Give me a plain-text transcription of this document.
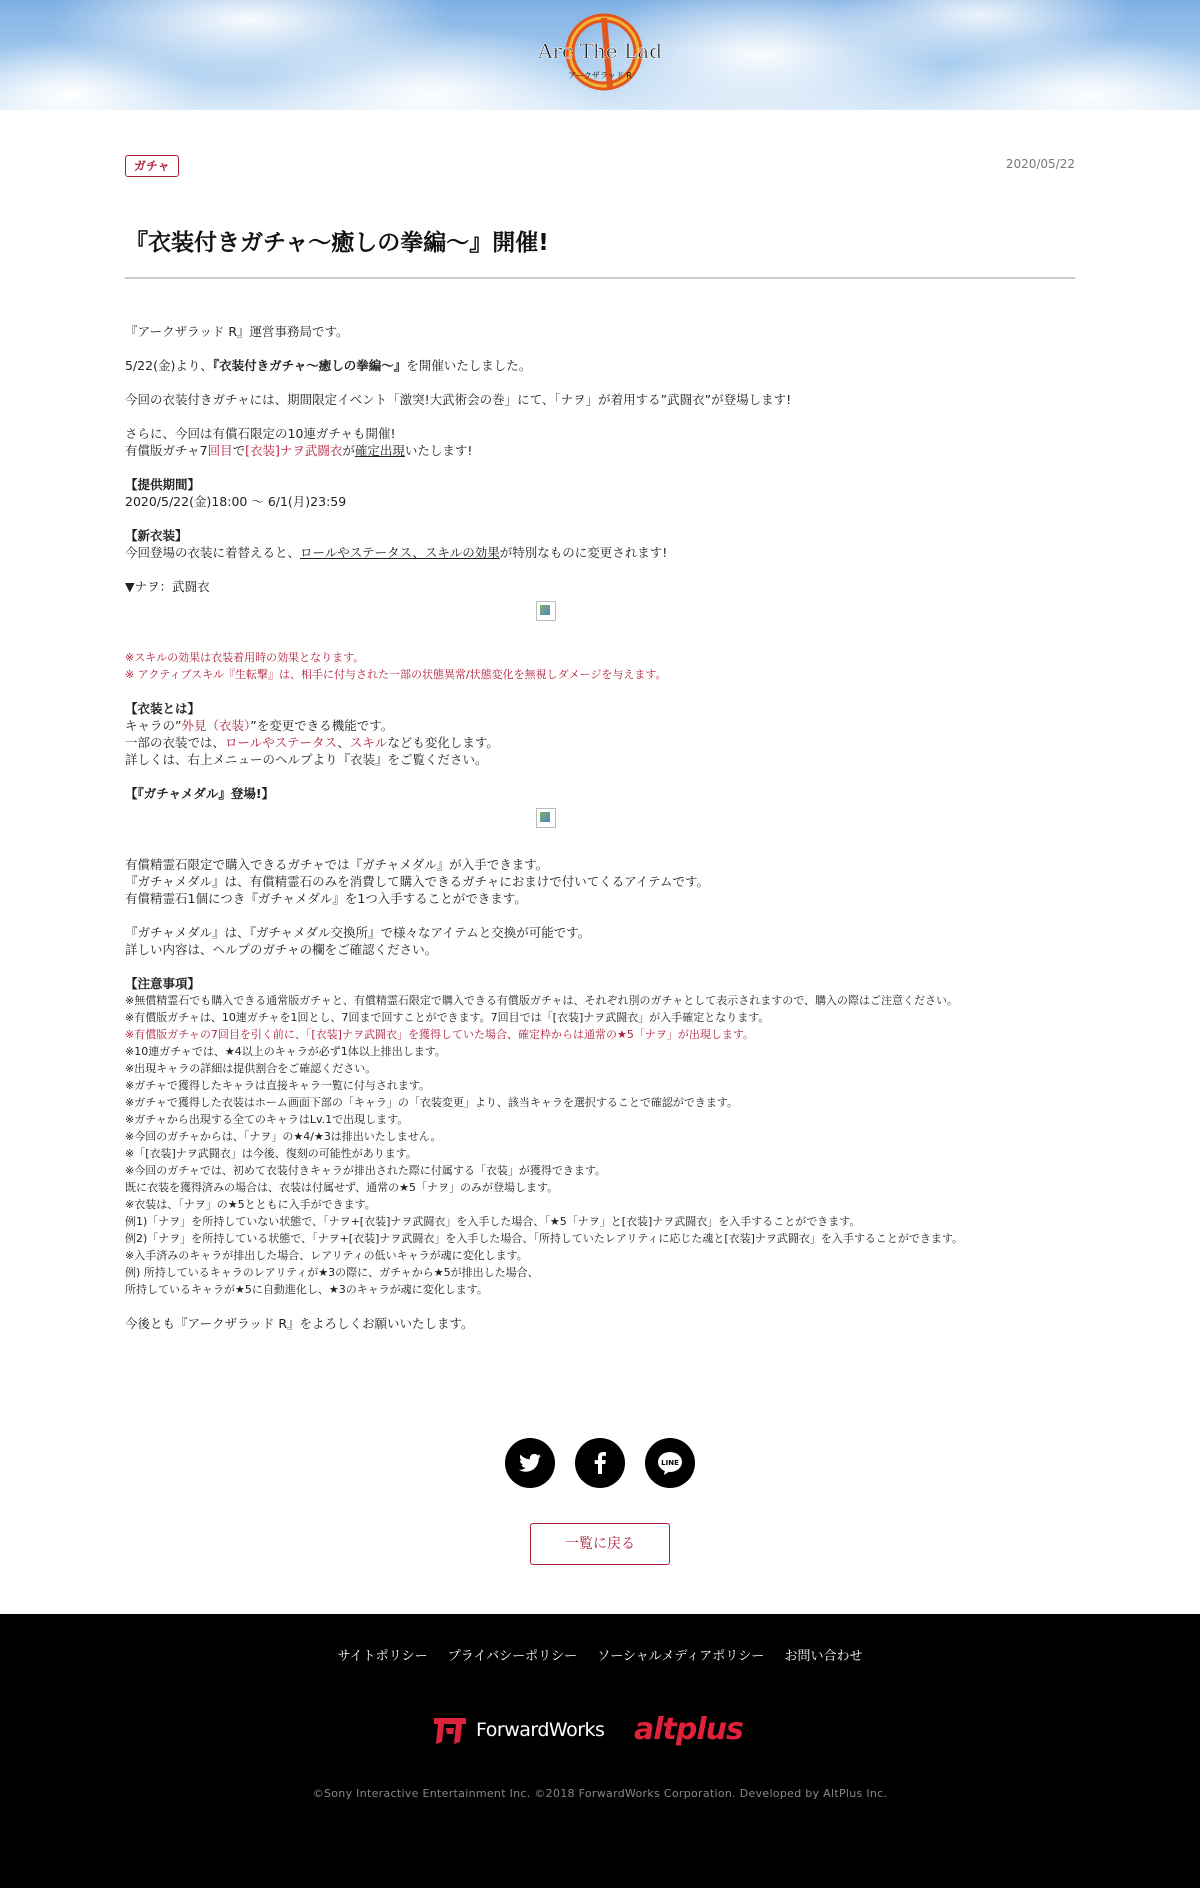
Arc The Lad
アークザラッド R
ガチャ	2020/05/22
『衣装付きガチャ～癒しの拳編～』開催!

『アークザラッド R』運営事務局です。

5/22(金)より、『衣装付きガチャ～癒しの拳編～』を開催いたしました。

今回の衣装付きガチャには、期間限定イベント「激突!大武術会の巻」にて、「ナヲ」が着用する”武闘衣”が登場します!

さらに、今回は有償石限定の10連ガチャも開催!
有償版ガチャ7回目で[衣装]ナヲ武闘衣が確定出現いたします!

【提供期間】
2020/5/22(金)18:00 ～ 6/1(月)23:59

【新衣装】
今回登場の衣装に着替えると、ロールやステータス、スキルの効果が特別なものに変更されます!

▼ナヲ：武闘衣

※スキルの効果は衣装着用時の効果となります。

※ アクティブスキル『生転撃』は、相手に付与された一部の状態異常/状態変化を無視しダメージを与えます。

【衣装とは】
キャラの”外見（衣装）”を変更できる機能です。
一部の衣装では、ロールやステータス、スキルなども変化します。
詳しくは、右上メニューのヘルプより『衣装』をご覧ください。

【『ガチャメダル』登場!】

有償精霊石限定で購入できるガチャでは『ガチャメダル』が入手できます。
『ガチャメダル』は、有償精霊石のみを消費して購入できるガチャにおまけで付いてくるアイテムです。
有償精霊石1個につき『ガチャメダル』を1つ入手することができます。

『ガチャメダル』は、『ガチャメダル交換所』で様々なアイテムと交換が可能です。
詳しい内容は、ヘルプのガチャの欄をご確認ください。

【注意事項】
※無償精霊石でも購入できる通常版ガチャと、有償精霊石限定で購入できる有償版ガチャは、それぞれ別のガチャとして表示されますので、購入の際はご注意ください。
※有償版ガチャは、10連ガチャを1回とし、7回まで回すことができます。7回目では「[衣装]ナヲ武闘衣」が入手確定となります。
※有償版ガチャの7回目を引く前に、「[衣装]ナヲ武闘衣」を獲得していた場合、確定枠からは通常の★5「ナヲ」が出現します。
※10連ガチャでは、★4以上のキャラが必ず1体以上排出します。
※出現キャラの詳細は提供割合をご確認ください。
※ガチャで獲得したキャラは直接キャラ一覧に付与されます。
※ガチャで獲得した衣装はホーム画面下部の「キャラ」の「衣装変更」より、該当キャラを選択することで確認ができます。
※ガチャから出現する全てのキャラはLv.1で出現します。
※今回のガチャからは、「ナヲ」の★4/★3は排出いたしません。
※「[衣装]ナヲ武闘衣」は今後、復刻の可能性があります。
※今回のガチャでは、初めて衣装付きキャラが排出された際に付属する「衣装」が獲得できます。
既に衣装を獲得済みの場合は、衣装は付属せず、通常の★5「ナヲ」のみが登場します。
※衣装は、「ナヲ」の★5とともに入手ができます。
例1)「ナヲ」を所持していない状態で、「ナヲ+[衣装]ナヲ武闘衣」を入手した場合、「★5「ナヲ」と[衣装]ナヲ武闘衣」を入手することができます。
例2)「ナヲ」を所持している状態で、「ナヲ+[衣装]ナヲ武闘衣」を入手した場合、「所持していたレアリティに応じた魂と[衣装]ナヲ武闘衣」を入手することができます。
※入手済みのキャラが排出した場合、レアリティの低いキャラが魂に変化します。
例) 所持しているキャラのレアリティが★3の際に、ガチャから★5が排出した場合、
所持しているキャラが★5に自動進化し、★3のキャラが魂に変化します。

今後とも『アークザラッド R』をよろしくお願いいたします。

LINE
一覧に戻る
サイトポリシー プライバシーポリシー ソーシャルメディアポリシー お問い合わせ
ForwardWorks altplus
©Sony Interactive Entertainment Inc. ©2018 ForwardWorks Corporation. Developed by AltPlus Inc.
